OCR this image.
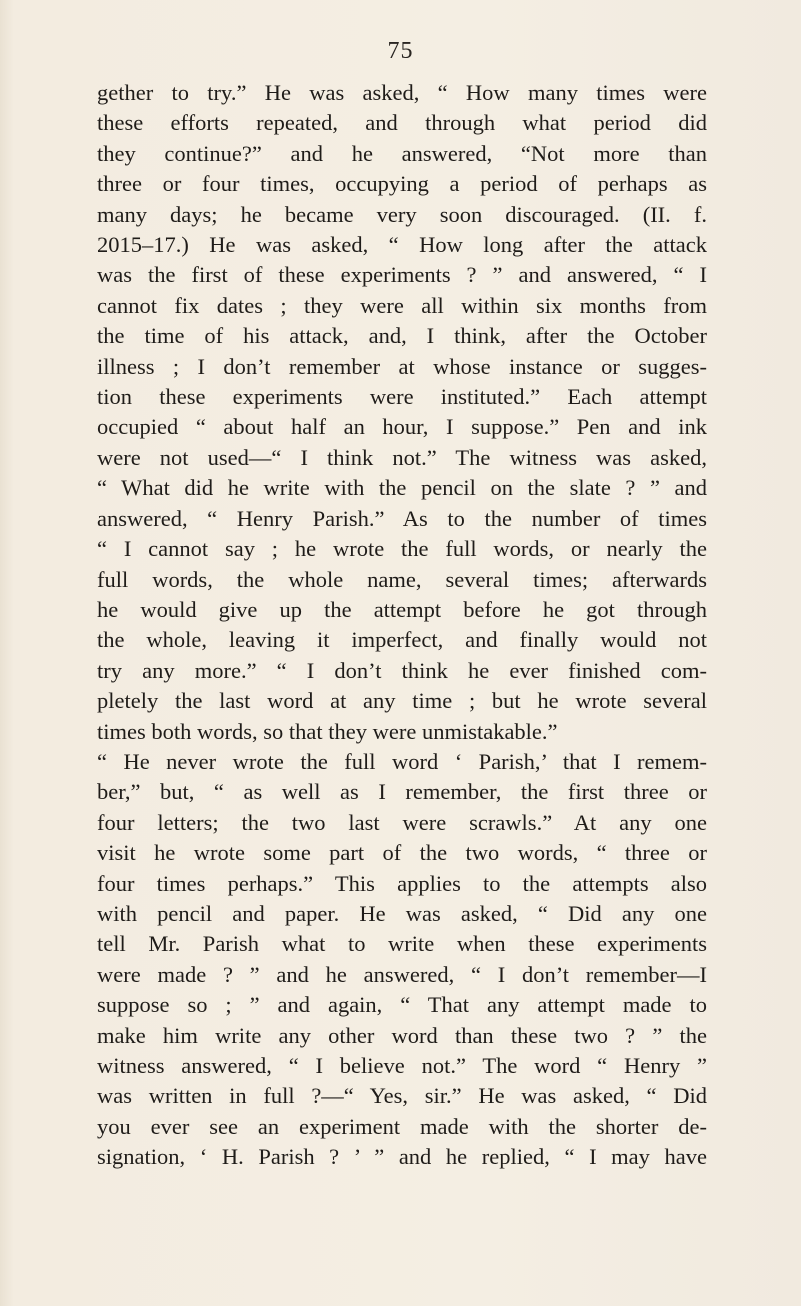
75
gether to try.” He was asked, “ How many times were
these efforts repeated, and through what period did
they continue?” and he answered, “Not more than
three or four times, occupying a period of perhaps as
many days; he became very soon discouraged. (II. f.
2015–17.) He was asked, “ How long after the attack
was the first of these experiments ? ” and answered, “ I
cannot fix dates ; they were all within six months from
the time of his attack, and, I think, after the October
illness ; I don’t remember at whose instance or sugges-
tion these experiments were instituted.” Each attempt
occupied “ about half an hour, I suppose.” Pen and ink
were not used—“ I think not.” The witness was asked,
“ What did he write with the pencil on the slate ? ” and
answered, “ Henry Parish.” As to the number of times
“ I cannot say ; he wrote the full words, or nearly the
full words, the whole name, several times; afterwards
he would give up the attempt before he got through
the whole, leaving it imperfect, and finally would not
try any more.” “ I don’t think he ever finished com-
pletely the last word at any time ; but he wrote several
times both words, so that they were unmistakable.”
“ He never wrote the full word ‘ Parish,’ that I remem-
ber,” but, “ as well as I remember, the first three or
four letters; the two last were scrawls.” At any one
visit he wrote some part of the two words, “ three or
four times perhaps.” This applies to the attempts also
with pencil and paper. He was asked, “ Did any one
tell Mr. Parish what to write when these experiments
were made ? ” and he answered, “ I don’t remember—I
suppose so ; ” and again, “ That any attempt made to
make him write any other word than these two ? ” the
witness answered, “ I believe not.” The word “ Henry ”
was written in full ?—“ Yes, sir.” He was asked, “ Did
you ever see an experiment made with the shorter de-
signation, ‘ H. Parish ? ’ ” and he replied, “ I may have
